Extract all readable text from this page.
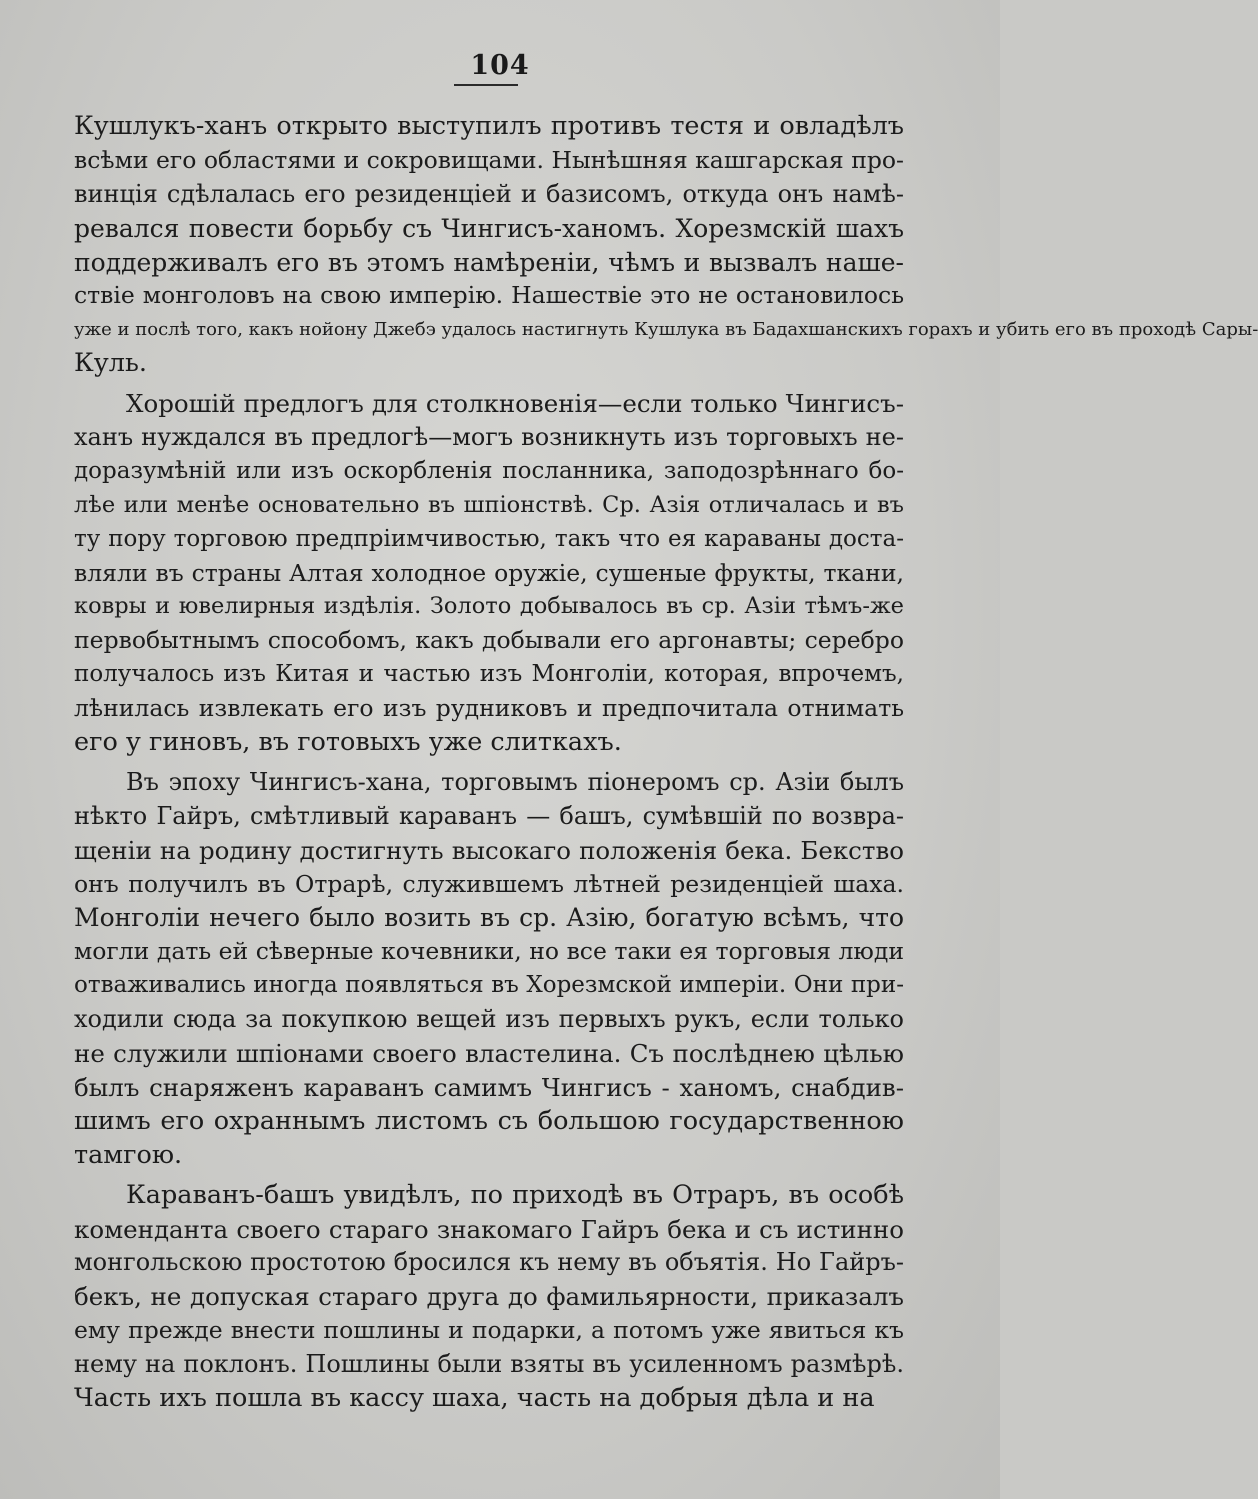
104
Кушлукъ-ханъ открыто выступилъ противъ тестя и овладѣлъ
всѣми его областями и сокровищами. Нынѣшняя кашгарская про-
винція сдѣлалась его резиденціей и базисомъ, откуда онъ намѣ-
ревался повести борьбу съ Чингисъ-ханомъ. Хорезмскій шахъ
поддерживалъ его въ этомъ намѣреніи, чѣмъ и вызвалъ наше-
ствіе монголовъ на свою имперію. Нашествіе это не остановилось
уже и послѣ того, какъ нойону Джебэ удалось настигнуть Кушлука въ Бадахшанскихъ горахъ и убить его въ проходѣ Сары-
Куль.
Хорошій предлогъ для столкновенія—если только Чингисъ-
ханъ нуждался въ предлогѣ—могъ возникнуть изъ торговыхъ не-
доразумѣній или изъ оскорбленія посланника, заподозрѣннаго бо-
лѣе или менѣе основательно въ шпіонствѣ. Ср. Азія отличалась и въ
ту пору торговою предпріимчивостью, такъ что ея караваны доста-
вляли въ страны Алтая холодное оружіе, сушеные фрукты, ткани,
ковры и ювелирныя издѣлія. Золото добывалось въ ср. Азіи тѣмъ-же
первобытнымъ способомъ, какъ добывали его аргонавты; серебро
получалось изъ Китая и частью изъ Монголіи, которая, впрочемъ,
лѣнилась извлекать его изъ рудниковъ и предпочитала отнимать
его у гиновъ, въ готовыхъ уже слиткахъ.
Въ эпоху Чингисъ-хана, торговымъ піонеромъ ср. Азіи былъ
нѣкто Гайръ, смѣтливый караванъ — башъ, сумѣвшій по возвра-
щеніи на родину достигнуть высокаго положенія бека. Бекство
онъ получилъ въ Отрарѣ, служившемъ лѣтней резиденціей шаха.
Монголіи нечего было возить въ ср. Азію, богатую всѣмъ, что
могли дать ей сѣверные кочевники, но все таки ея торговыя люди
отваживались иногда появляться въ Хорезмской имперіи. Они при-
ходили сюда за покупкою вещей изъ первыхъ рукъ, если только
не служили шпіонами своего властелина. Съ послѣднею цѣлью
былъ снаряженъ караванъ самимъ Чингисъ - ханомъ, снабдив-
шимъ его охраннымъ листомъ съ большою государственною
тамгою.
Караванъ-башъ увидѣлъ, по приходѣ въ Отраръ, въ особѣ
коменданта своего стараго знакомаго Гайръ бека и съ истинно
монгольскою простотою бросился къ нему въ объятія. Но Гайръ-
бекъ, не допуская стараго друга до фамильярности, приказалъ
ему прежде внести пошлины и подарки, а потомъ уже явиться къ
нему на поклонъ. Пошлины были взяты въ усиленномъ размѣрѣ.
Часть ихъ пошла въ кассу шаха, часть на добрыя дѣла и на
